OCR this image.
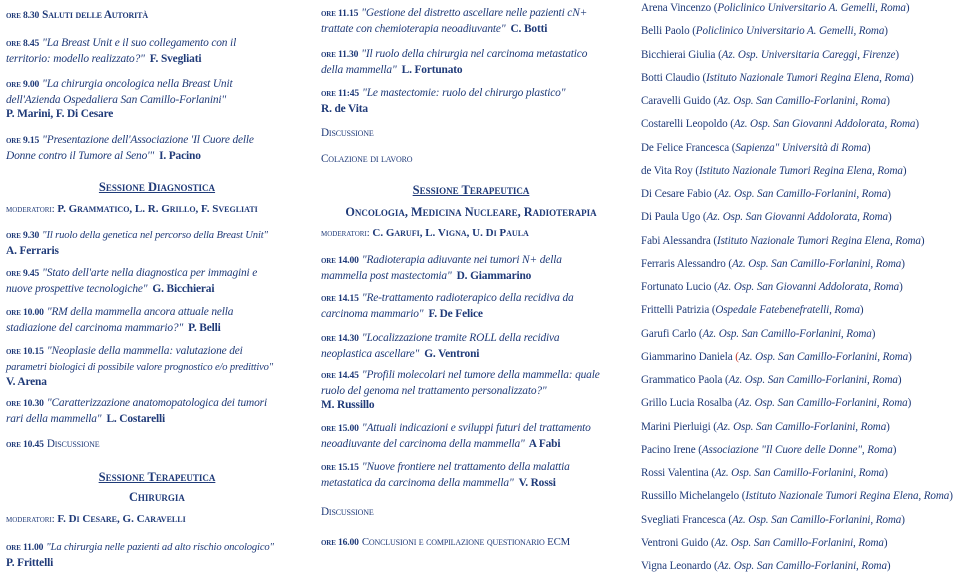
ore 8.30 Saluti delle Autorità
ore 8.45 "La Breast Unit e il suo collegamento con il
territorio: modello realizzato?" F. Svegliati
ore 9.00 "La chirurgia oncologica nella Breast Unit
dell'Azienda Ospedaliera San Camillo-Forlanini"
P. Marini, F. Di Cesare
ore 9.15 "Presentazione dell'Associazione 'Il Cuore delle
Donne contro il Tumore al Seno'" I. Pacino
Sessione Diagnostica
moderatori: P. Grammatico, L. R. Grillo, F. Svegliati
ore 9.30 "Il ruolo della genetica nel percorso della Breast Unit"
A. Ferraris
ore 9.45 "Stato dell'arte nella diagnostica per immagini e
nuove prospettive tecnologiche" G. Bicchierai
ore 10.00 "RM della mammella ancora attuale nella
stadiazione del carcinoma mammario?" P. Belli
ore 10.15 "Neoplasie della mammella: valutazione dei
parametri biologici di possibile valore prognostico e/o predittivo"
V. Arena
ore 10.30 "Caratterizzazione anatomopatologica dei tumori
rari della mammella" L. Costarelli
ore 10.45 Discussione
Sessione Terapeutica
Chirurgia
moderatori: F. Di Cesare, G. Caravelli
ore 11.00 "La chirurgia nelle pazienti ad alto rischio oncologico"
P. Frittelli
ore 11.15 "Gestione del distretto ascellare nelle pazienti cN+
trattate con chemioterapia neoadiuvante" C. Botti
ore 11.30 "Il ruolo della chirurgia nel carcinoma metastatico
della mammella" L. Fortunato
ore 11:45 "Le mastectomie: ruolo del chirurgo plastico"
R. de Vita
Discussione
Colazione di lavoro
Sessione Terapeutica
Oncologia, Medicina Nucleare, Radioterapia
moderatori: C. Garufi, L. Vigna, U. Di Paula
ore 14.00 "Radioterapia adiuvante nei tumori N+ della
mammella post mastectomia" D. Giammarino
ore 14.15 "Re-trattamento radioterapico della recidiva da
carcinoma mammario" F. De Felice
ore 14.30 "Localizzazione tramite ROLL della recidiva
neoplastica ascellare" G. Ventroni
ore 14.45 "Profili molecolari nel tumore della mammella: quale
ruolo del genoma nel trattamento personalizzato?"
M. Russillo
ore 15.00 "Attuali indicazioni e sviluppi futuri del trattamento
neoadiuvante del carcinoma della mammella" A Fabi
ore 15.15 "Nuove frontiere nel trattamento della malattia
metastatica da carcinoma della mammella" V. Rossi
Discussione
ore 16.00 Conclusioni e compilazione questionario ECM
Arena Vincenzo (Policlinico Universitario A. Gemelli, Roma)
Belli Paolo (Policlinico Universitario A. Gemelli, Roma)
Bicchierai Giulia (Az. Osp. Universitaria Careggi, Firenze)
Botti Claudio (Istituto Nazionale Tumori Regina Elena, Roma)
Caravelli Guido (Az. Osp. San Camillo-Forlanini, Roma)
Costarelli Leopoldo (Az. Osp. San Giovanni Addolorata, Roma)
De Felice Francesca (Sapienza" Università di Roma)
de Vita Roy (Istituto Nazionale Tumori Regina Elena, Roma)
Di Cesare Fabio (Az. Osp. San Camillo-Forlanini, Roma)
Di Paula Ugo (Az. Osp. San Giovanni Addolorata, Roma)
Fabi Alessandra (Istituto Nazionale Tumori Regina Elena, Roma)
Ferraris Alessandro (Az. Osp. San Camillo-Forlanini, Roma)
Fortunato Lucio (Az. Osp. San Giovanni Addolorata, Roma)
Frittelli Patrizia (Ospedale Fatebenefratelli, Roma)
Garufi Carlo (Az. Osp. San Camillo-Forlanini, Roma)
Giammarino Daniela (Az. Osp. San Camillo-Forlanini, Roma)
Grammatico Paola (Az. Osp. San Camillo-Forlanini, Roma)
Grillo Lucia Rosalba (Az. Osp. San Camillo-Forlanini, Roma)
Marini Pierluigi (Az. Osp. San Camillo-Forlanini, Roma)
Pacino Irene (Associazione "Il Cuore delle Donne", Roma)
Rossi Valentina (Az. Osp. San Camillo-Forlanini, Roma)
Russillo Michelangelo (Istituto Nazionale Tumori Regina Elena, Roma)
Svegliati Francesca (Az. Osp. San Camillo-Forlanini, Roma)
Ventroni Guido (Az. Osp. San Camillo-Forlanini, Roma)
Vigna Leonardo (Az. Osp. San Camillo-Forlanini, Roma)
